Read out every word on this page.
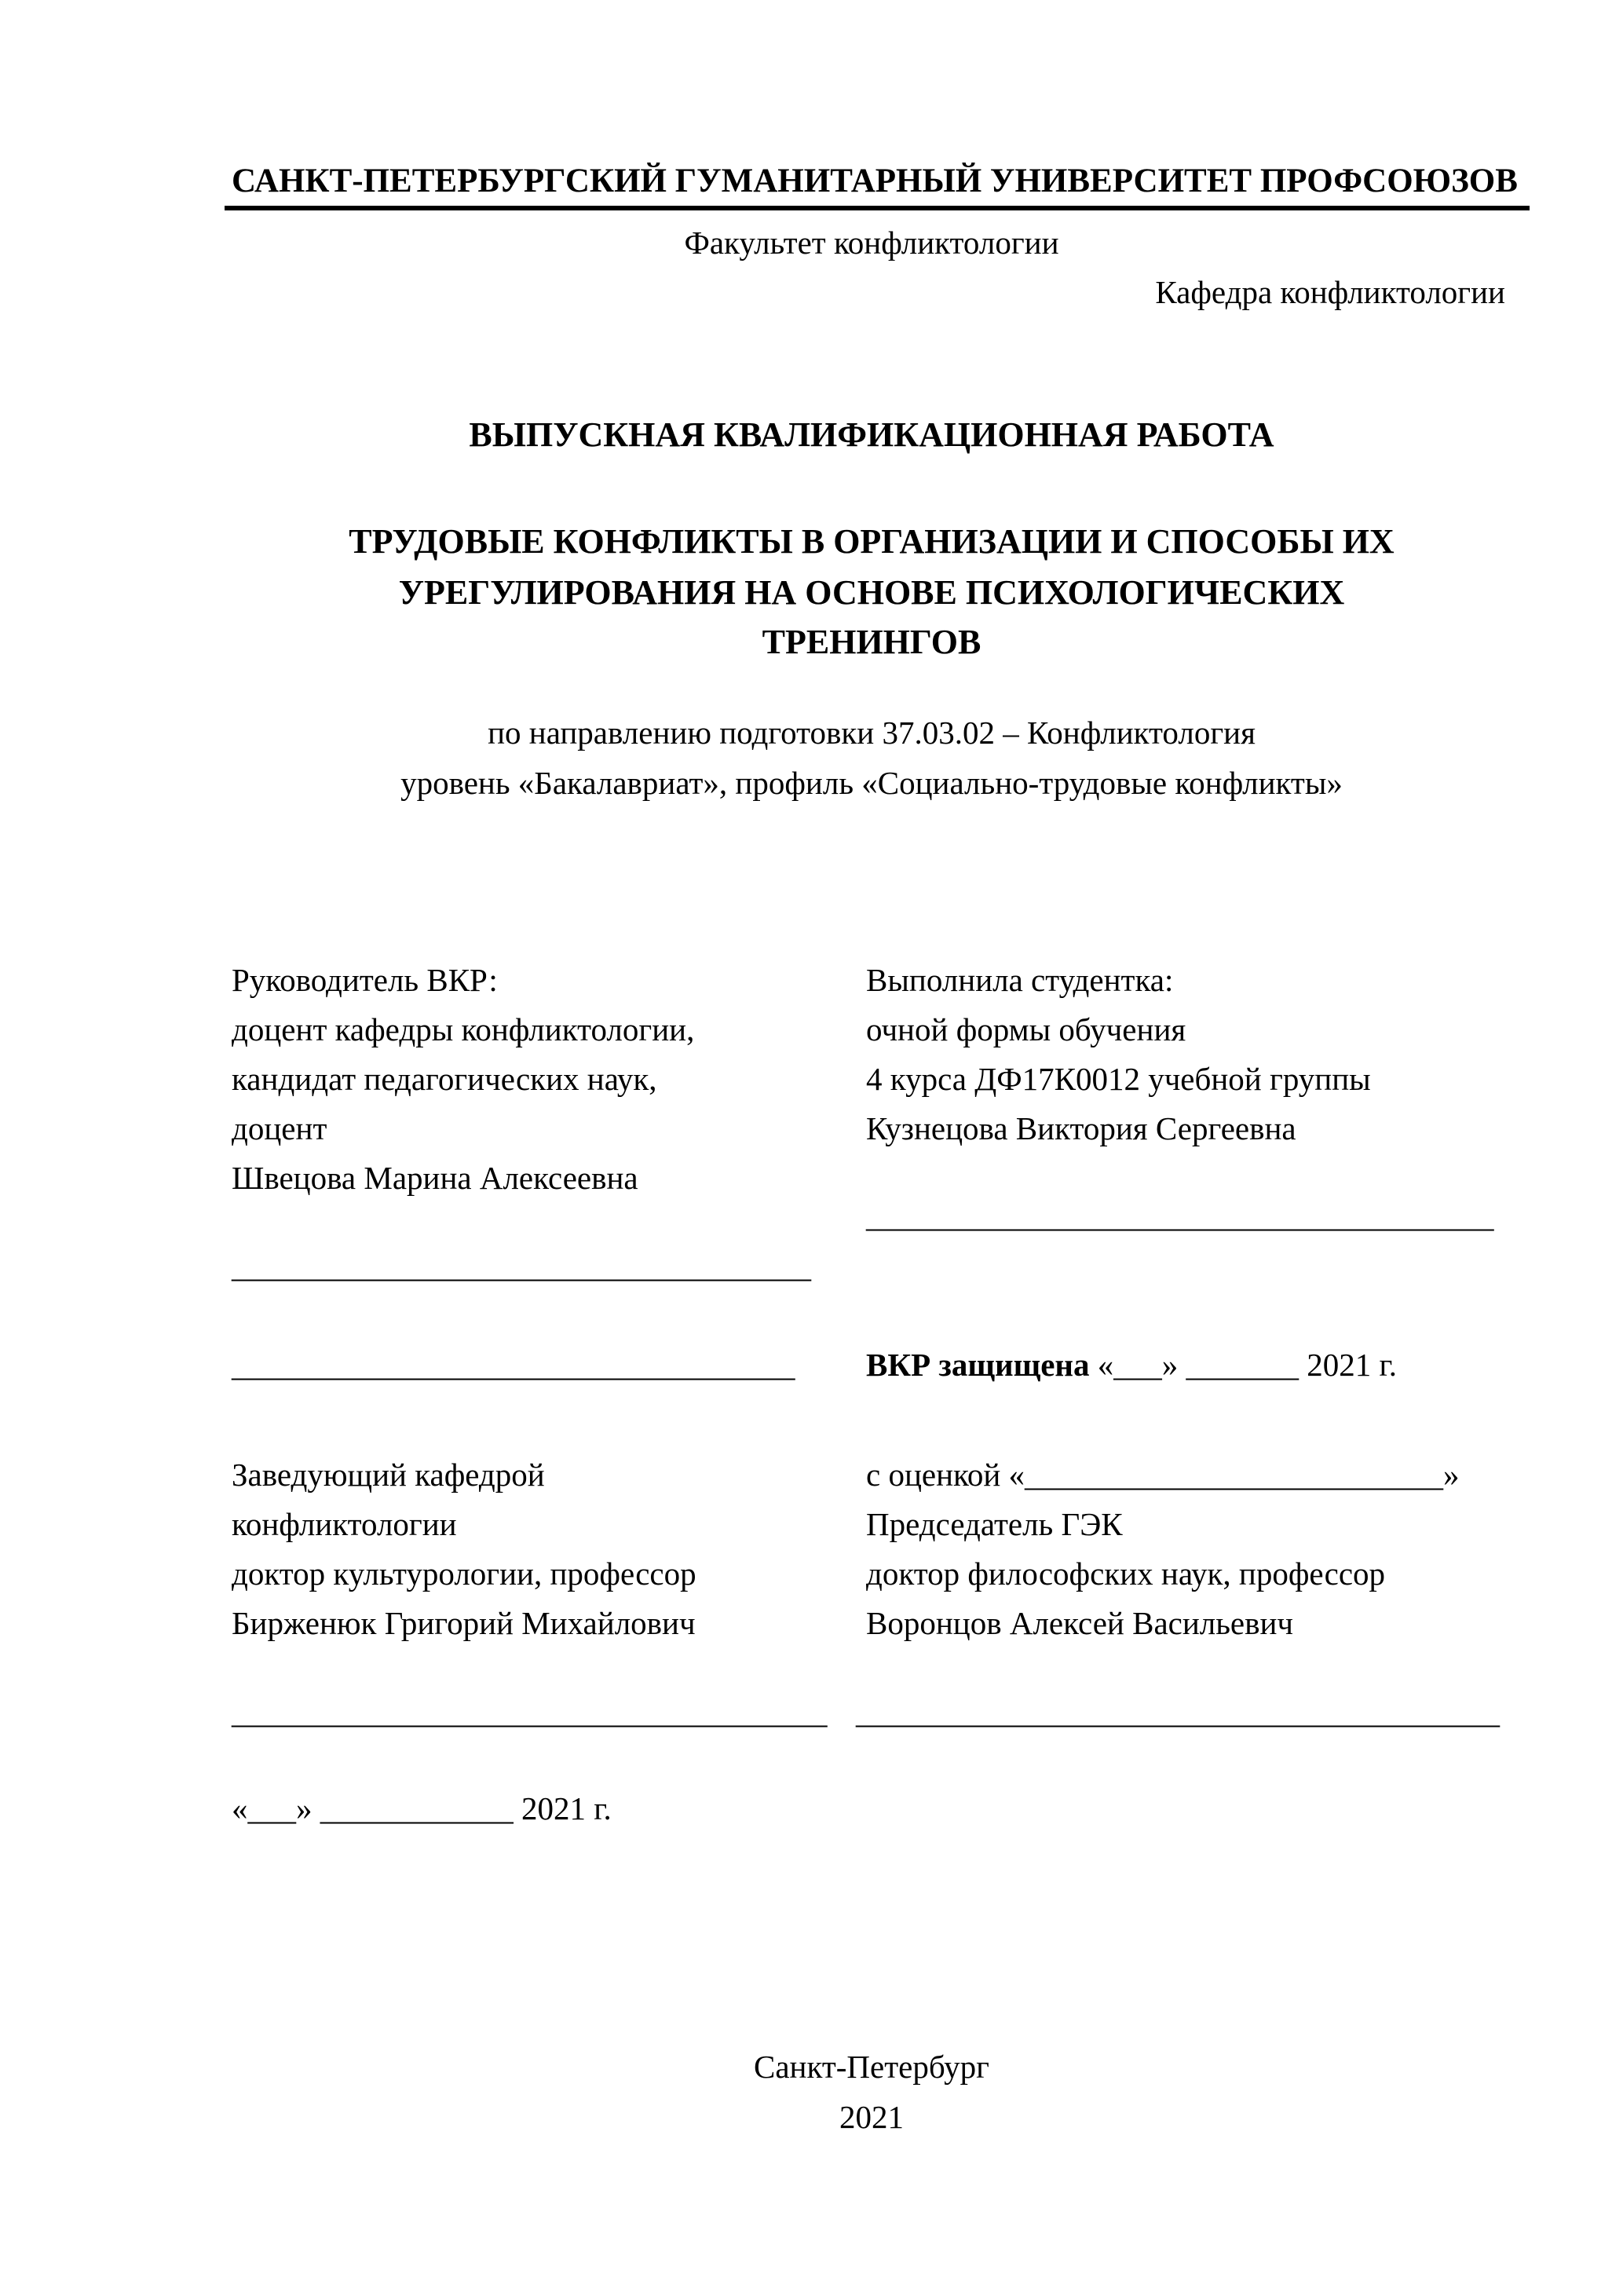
САНКТ-ПЕТЕРБУРГСКИЙ ГУМАНИТАРНЫЙ УНИВЕРСИТЕТ ПРОФСОЮЗОВ
Факультет конфликтологии
Кафедра конфликтологии
ВЫПУСКНАЯ КВАЛИФИКАЦИОННАЯ РАБОТА
ТРУДОВЫЕ КОНФЛИКТЫ В ОРГАНИЗАЦИИ И СПОСОБЫ ИХ
УРЕГУЛИРОВАНИЯ НА ОСНОВЕ ПСИХОЛОГИЧЕСКИХ
ТРЕНИНГОВ
по направлению подготовки 37.03.02 – Конфликтология
уровень «Бакалавриат», профиль «Социально-трудовые конфликты»
Руководитель ВКР:
доцент кафедры конфликтологии,
кандидат педагогических наук,
доцент
Швецова Марина Алексеевна
Выполнила студентка:
очной формы обучения
4 курса ДФ17К0012 учебной группы
Кузнецова Виктория Сергеевна
_______________________________________
____________________________________
___________________________________ ВКР защищена «___» _______ 2021 г.
Заведующий кафедрой
конфликтологии
доктор культурологии, профессор
Бирженюк Григорий Михайлович
с оценкой «__________________________»
Председатель ГЭК
доктор философских наук, профессор
Воронцов Алексей Васильевич
_____________________________________ ________________________________________
«___» ____________ 2021 г.
Санкт-Петербург
2021
